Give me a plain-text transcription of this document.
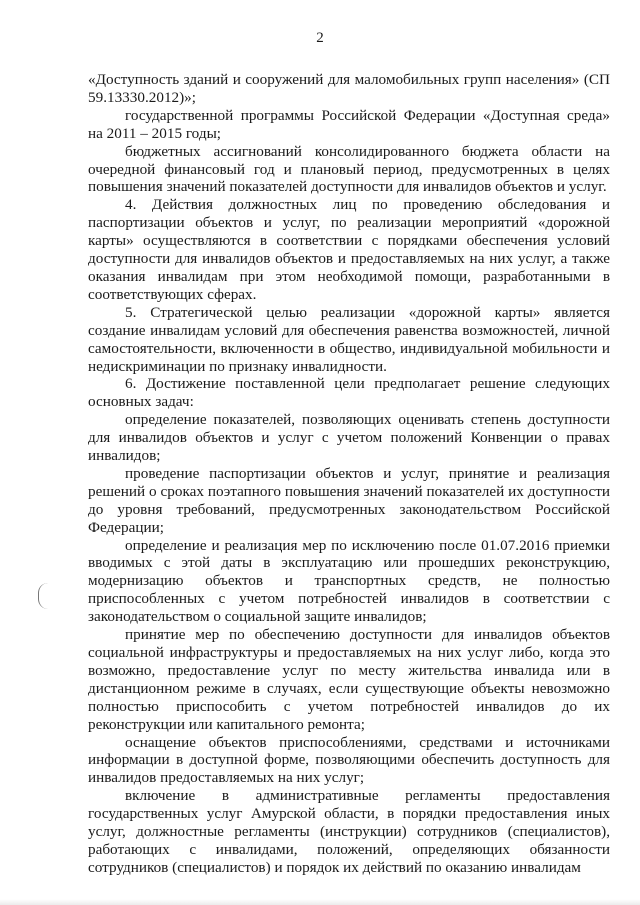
2

«Доступность зданий и сооружений для маломобильных групп населения» (СП 59.13330.2012)»;

государственной программы Российской Федерации «Доступная среда» на 2011 – 2015 годы;

бюджетных ассигнований консолидированного бюджета области на очередной финансовый год и плановый период, предусмотренных в целях повышения значений показателей доступности для инвалидов объектов и услуг.

4. Действия должностных лиц по проведению обследования и паспортизации объектов и услуг, по реализации мероприятий «дорожной карты» осуществляются в соответствии с порядками обеспечения условий доступности для инвалидов объектов и предоставляемых на них услуг, а также оказания инвалидам при этом необходимой помощи, разработанными в соответствующих сферах.

5. Стратегической целью реализации «дорожной карты» является создание инвалидам условий для обеспечения равенства возможностей, личной самостоятельности, включенности в общество, индивидуальной мобильности и недискриминации по признаку инвалидности.

6. Достижение поставленной цели предполагает решение следующих основных задач:

определение показателей, позволяющих оценивать степень доступности для инвалидов объектов и услуг с учетом положений Конвенции о правах инвалидов;

проведение паспортизации объектов и услуг, принятие и реализация решений о сроках поэтапного повышения значений показателей их доступности до уровня требований, предусмотренных законодательством Российской Федерации;

определение и реализация мер по исключению после 01.07.2016 приемки вводимых с этой даты в эксплуатацию или прошедших реконструкцию, модернизацию объектов и транспортных средств, не полностью приспособленных с учетом потребностей инвалидов в соответствии с законодательством о социальной защите инвалидов;

принятие мер по обеспечению доступности для инвалидов объектов социальной инфраструктуры и предоставляемых на них услуг либо, когда это возможно, предоставление услуг по месту жительства инвалида или в дистанционном режиме в случаях, если существующие объекты невозможно полностью приспособить с учетом потребностей инвалидов до их реконструкции или капитального ремонта;

оснащение объектов приспособлениями, средствами и источниками информации в доступной форме, позволяющими обеспечить доступность для инвалидов предоставляемых на них услуг;

включение в административные регламенты предоставления государственных услуг Амурской области, в порядки предоставления иных услуг, должностные регламенты (инструкции) сотрудников (специалистов), работающих с инвалидами, положений, определяющих обязанности сотрудников (специалистов) и порядок их действий по оказанию инвалидам
